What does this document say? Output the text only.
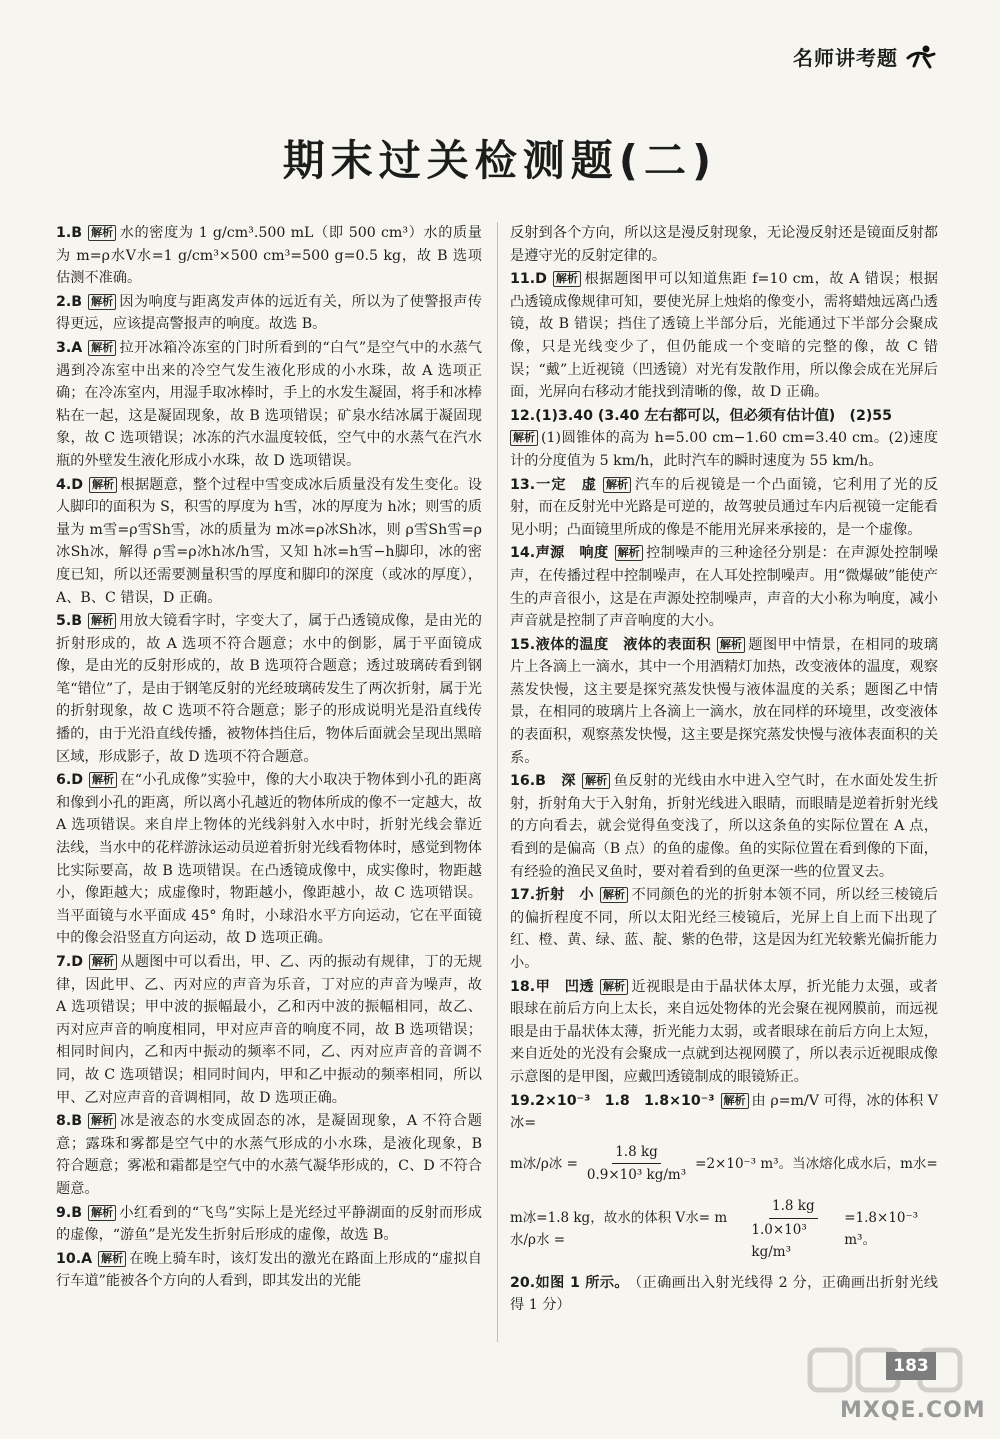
名师讲考题
期末过关检测题(二)
1.B 解析 水的密度为 1 g/cm³.500 mL（即 500 cm³）水的质量为 m=ρ水V水=1 g/cm³×500 cm³=500 g=0.5 kg，故 B 选项估测不准确。
2.B 解析 因为响度与距离发声体的远近有关，所以为了使警报声传得更远，应该提高警报声的响度。故选 B。
3.A 解析 拉开冰箱冷冻室的门时所看到的“白气”是空气中的水蒸气遇到冷冻室中出来的冷空气发生液化形成的小水珠，故 A 选项正确；在冷冻室内，用湿手取冰棒时，手上的水发生凝固，将手和冰棒粘在一起，这是凝固现象，故 B 选项错误；矿泉水结冰属于凝固现象，故 C 选项错误；冰冻的汽水温度较低，空气中的水蒸气在汽水瓶的外壁发生液化形成小水珠，故 D 选项错误。
4.D 解析 根据题意，整个过程中雪变成冰后质量没有发生变化。设人脚印的面积为 S，积雪的厚度为 h雪，冰的厚度为 h冰；则雪的质量为 m雪=ρ雪Sh雪，冰的质量为 m冰=ρ冰Sh冰，则 ρ雪Sh雪=ρ冰Sh冰，解得 ρ雪=ρ冰h冰/h雪，又知 h冰=h雪−h脚印，冰的密度已知，所以还需要测量积雪的厚度和脚印的深度（或冰的厚度），A、B、C 错误，D 正确。
5.B 解析 用放大镜看字时，字变大了，属于凸透镜成像，是由光的折射形成的，故 A 选项不符合题意；水中的倒影，属于平面镜成像，是由光的反射形成的，故 B 选项符合题意；透过玻璃砖看到钢笔“错位”了，是由于钢笔反射的光经玻璃砖发生了两次折射，属于光的折射现象，故 C 选项不符合题意；影子的形成说明光是沿直线传播的，由于光沿直线传播，被物体挡住后，物体后面就会呈现出黑暗区域，形成影子，故 D 选项不符合题意。
6.D 解析 在“小孔成像”实验中，像的大小取决于物体到小孔的距离和像到小孔的距离，所以离小孔越近的物体所成的像不一定越大，故 A 选项错误。来自岸上物体的光线斜射入水中时，折射光线会靠近法线，当水中的花样游泳运动员逆着折射光线看物体时，感觉到物体比实际要高，故 B 选项错误。在凸透镜成像中，成实像时，物距越小，像距越大；成虚像时，物距越小，像距越小，故 C 选项错误。当平面镜与水平面成 45° 角时，小球沿水平方向运动，它在平面镜中的像会沿竖直方向运动，故 D 选项正确。
7.D 解析 从题图中可以看出，甲、乙、丙的振动有规律，丁的无规律，因此甲、乙、丙对应的声音为乐音，丁对应的声音为噪声，故 A 选项错误；甲中波的振幅最小，乙和丙中波的振幅相同，故乙、丙对应声音的响度相同，甲对应声音的响度不同，故 B 选项错误；相同时间内，乙和丙中振动的频率不同，乙、丙对应声音的音调不同，故 C 选项错误；相同时间内，甲和乙中振动的频率相同，所以甲、乙对应声音的音调相同，故 D 选项正确。
8.B 解析 冰是液态的水变成固态的冰，是凝固现象，A 不符合题意；露珠和雾都是空气中的水蒸气形成的小水珠，是液化现象，B 符合题意；雾凇和霜都是空气中的水蒸气凝华形成的，C、D 不符合题意。
9.B 解析 小红看到的“飞鸟”实际上是光经过平静湖面的反射而形成的虚像，“游鱼”是光发生折射后形成的虚像，故选 B。
10.A 解析 在晚上骑车时，该灯发出的激光在路面上形成的“虚拟自行车道”能被各个方向的人看到，即其发出的光能
反射到各个方向，所以这是漫反射现象，无论漫反射还是镜面反射都是遵守光的反射定律的。
11.D 解析 根据题图甲可以知道焦距 f=10 cm，故 A 错误；根据凸透镜成像规律可知，要使光屏上烛焰的像变小，需将蜡烛远离凸透镜，故 B 错误；挡住了透镜上半部分后，光能通过下半部分会聚成像，只是光线变少了，但仍能成一个变暗的完整的像，故 C 错误；“戴”上近视镜（凹透镜）对光有发散作用，所以像会成在光屏后面，光屏向右移动才能找到清晰的像，故 D 正确。
12.(1)3.40 (3.40 左右都可以，但必须有估计值)　(2)55
解析 (1)圆锥体的高为 h=5.00 cm−1.60 cm=3.40 cm。(2)速度计的分度值为 5 km/h，此时汽车的瞬时速度为 55 km/h。
13.一定　虚 解析 汽车的后视镜是一个凸面镜，它利用了光的反射，而在反射光中光路是可逆的，故驾驶员通过车内后视镜一定能看见小明；凸面镜里所成的像是不能用光屏来承接的，是一个虚像。
14.声源　响度 解析 控制噪声的三种途径分别是：在声源处控制噪声，在传播过程中控制噪声，在人耳处控制噪声。用“微爆破”能使产生的声音很小，这是在声源处控制噪声，声音的大小称为响度，减小声音就是控制了声音响度的大小。
15.液体的温度　液体的表面积 解析 题图甲中情景，在相同的玻璃片上各滴上一滴水，其中一个用酒精灯加热，改变液体的温度，观察蒸发快慢，这主要是探究蒸发快慢与液体温度的关系；题图乙中情景，在相同的玻璃片上各滴上一滴水，放在同样的环境里，改变液体的表面积，观察蒸发快慢，这主要是探究蒸发快慢与液体表面积的关系。
16.B　深 解析 鱼反射的光线由水中进入空气时，在水面处发生折射，折射角大于入射角，折射光线进入眼睛，而眼睛是逆着折射光线的方向看去，就会觉得鱼变浅了，所以这条鱼的实际位置在 A 点，看到的是偏高（B 点）的鱼的虚像。鱼的实际位置在看到像的下面，有经验的渔民叉鱼时，要对着看到的鱼更深一些的位置叉去。
17.折射　小 解析 不同颜色的光的折射本领不同，所以经三棱镜后的偏折程度不同，所以太阳光经三棱镜后，光屏上自上而下出现了红、橙、黄、绿、蓝、靛、紫的色带，这是因为红光较紫光偏折能力小。
18.甲　凹透 解析 近视眼是由于晶状体太厚，折光能力太强，或者眼球在前后方向上太长，来自远处物体的光会聚在视网膜前，而远视眼是由于晶状体太薄，折光能力太弱，或者眼球在前后方向上太短，来自近处的光没有会聚成一点就到达视网膜了，所以表示近视眼成像示意图的是甲图，应戴凹透镜制成的眼镜矫正。
19.2×10⁻³　1.8　1.8×10⁻³ 解析 由 ρ=m/V 可得，冰的体积 V冰=
m冰/ρ冰 = $\frac{1.8 kg}{\text{0.9×10³ kg/m³}} =2\times 10^{-3}$ m³。当冰熔化成水后，m水=
m冰=1.8 kg，故水的体积 V水= m水/ρ水 =	$\frac{1.8 kg}{\text{1.0×10³ kg/m³}} =1.8\times 10^{-3}$ m³。
20.如图 1 所示。 （正确画出入射光线得 2 分，正确画出折射光线得 1 分）
MXQE.COM
183
